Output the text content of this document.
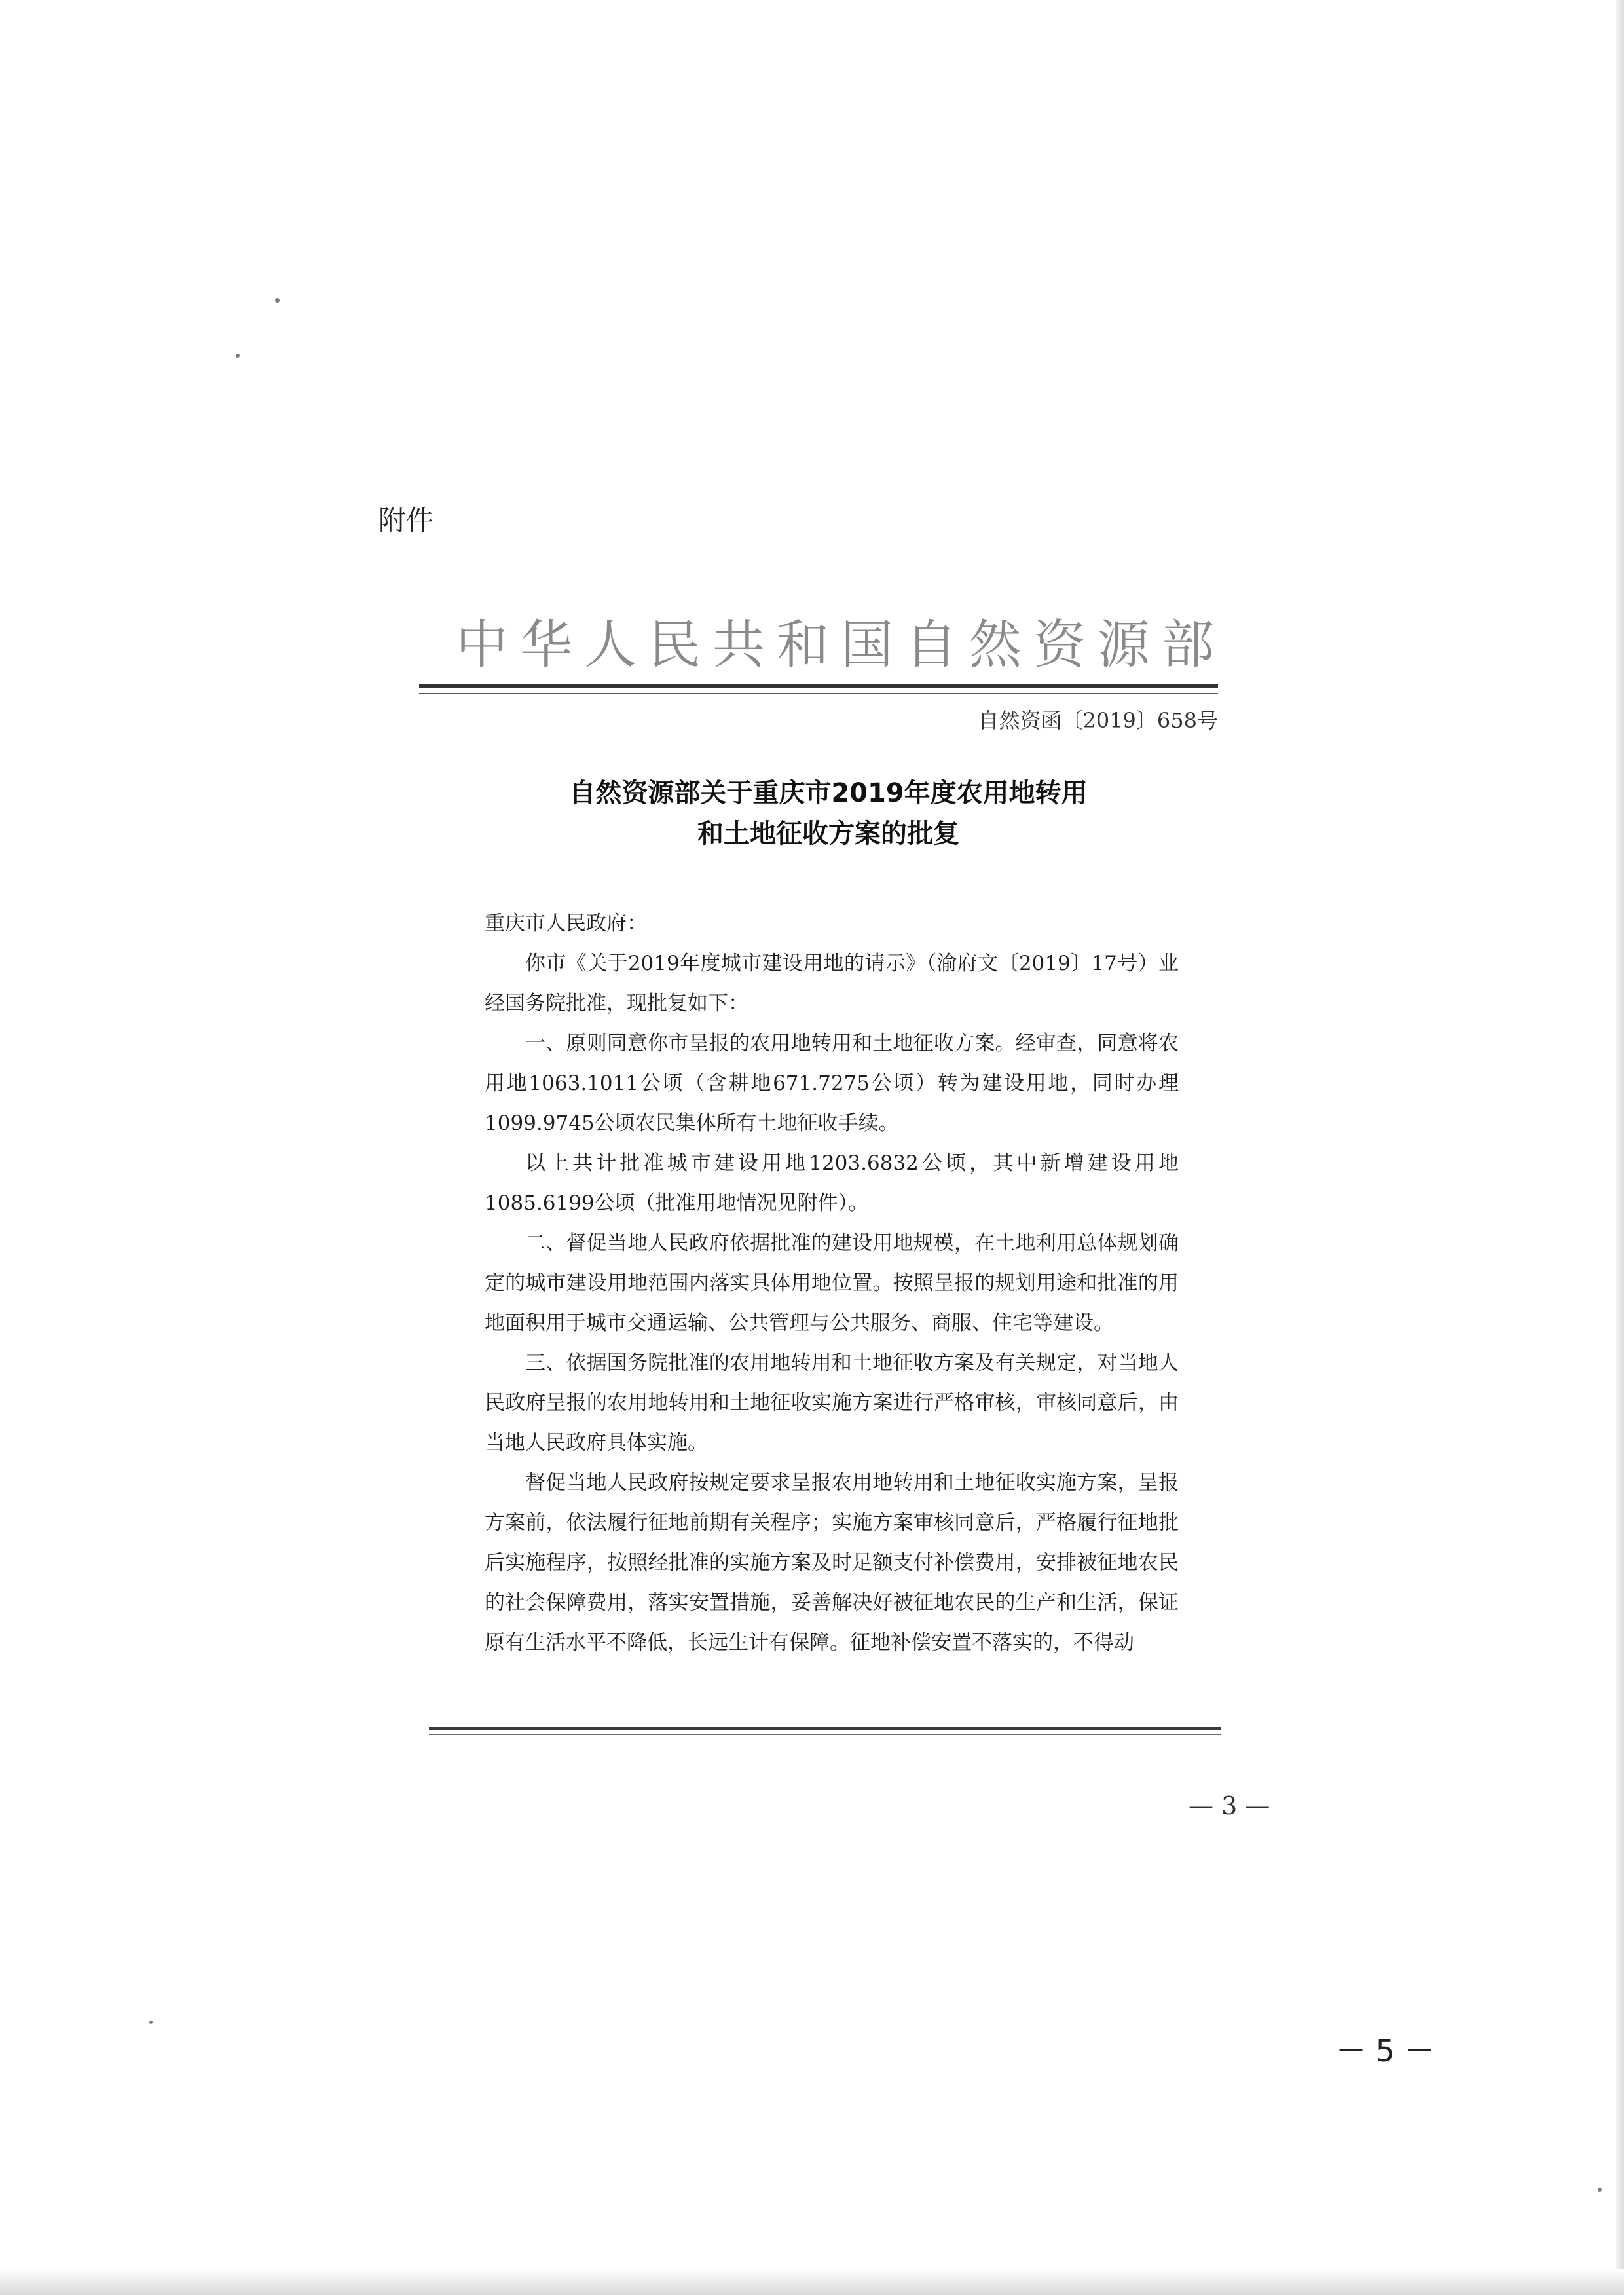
附件
中华人民共和国自然资源部
自然资函〔2019〕658号
自然资源部关于重庆市2019年度农用地转用
和土地征收方案的批复

重庆市人民政府：

你市《关于2019年度城市建设用地的请示》（渝府文〔2019〕17号）业经国务院批准，现批复如下：

一、原则同意你市呈报的农用地转用和土地征收方案。经审查，同意将农用地1063.1011公顷（含耕地671.7275公顷）转为建设用地，同时办理1099.9745公顷农民集体所有土地征收手续。

以上共计批准城市建设用地1203.6832公顷，其中新增建设用地1085.6199公顷（批准用地情况见附件）。

二、督促当地人民政府依据批准的建设用地规模，在土地利用总体规划确定的城市建设用地范围内落实具体用地位置。按照呈报的规划用途和批准的用地面积用于城市交通运输、公共管理与公共服务、商服、住宅等建设。

三、依据国务院批准的农用地转用和土地征收方案及有关规定，对当地人民政府呈报的农用地转用和土地征收实施方案进行严格审核，审核同意后，由当地人民政府具体实施。

督促当地人民政府按规定要求呈报农用地转用和土地征收实施方案，呈报方案前，依法履行征地前期有关程序；实施方案审核同意后，严格履行征地批后实施程序，按照经批准的实施方案及时足额支付补偿费用，安排被征地农民的社会保障费用，落实安置措施，妥善解决好被征地农民的生产和生活，保证原有生活水平不降低，长远生计有保障。征地补偿安置不落实的，不得动

— 3 —
－ 5 －
